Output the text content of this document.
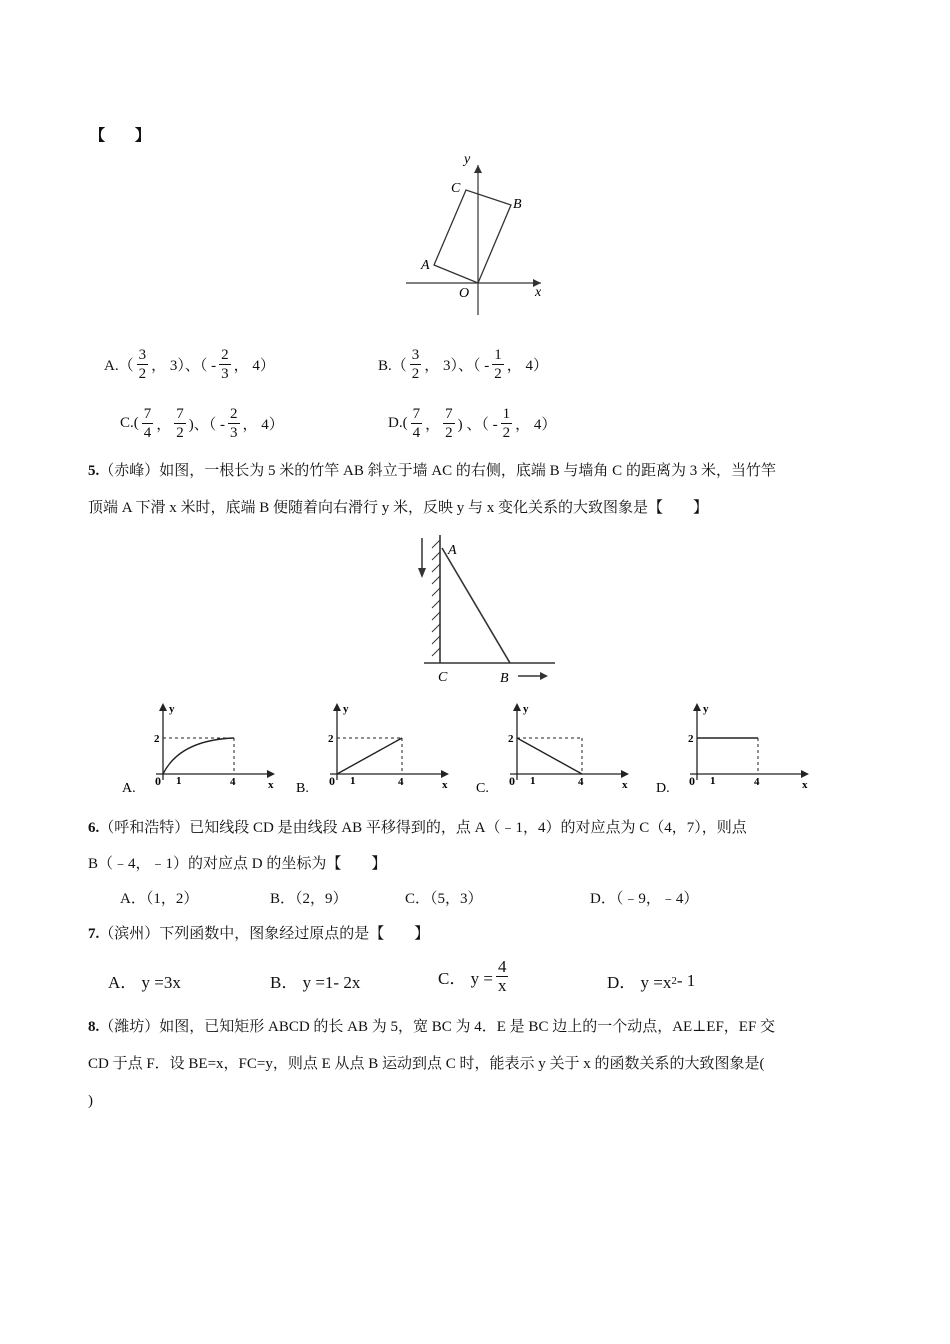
【　　】
y
x
O
A
B
C
$A.( \frac{3}{2}$ ， 3）、（ - $\frac{2}{3}$ ， 4）	$B.( \frac{3}{2}$ ， 3）、（ - $\frac{1}{2}$ ， 4）
$C.( \frac{7}{4}$ ， $\frac{7}{2}$ )、（ - $\frac{2}{3}$ ， 4）	$D.( \frac{7}{4}$ ， $\frac{7}{2}$ ) 、（ - $\frac{1}{2}$ ， 4）
5.（赤峰）如图，一根长为 5 米的竹竿 AB 斜立于墙 AC 的右侧，底端 B 与墙角 C 的距离为 3 米，当竹竿
顶端 A 下滑 x 米时，底端 B 便随着向右滑行 y 米，反映 y 与 x 变化关系的大致图象是【　　】
A
C	B
y
x
2
0 1	4
A.
y
x
2
0 1	4
B.
y
x
2
0 1	4
C.
y
x
2
0 1	4
D.
6.（呼和浩特）已知线段 CD 是由线段 AB 平移得到的，点 A（﹣1，4）的对应点为 C（4，7），则点
B（﹣4，﹣1）的对应点 D 的坐标为【　　】
A．（1，2）	B．（2，9）	C．（5，3）	D．（﹣9，﹣4）
7.（滨州）下列函数中，图象经过原点的是【　　】
A． y =3x	B． y =1- 2x	C． $y = \frac{4}{x}$	D． y =x 2 - 1
8.（潍坊）如图，已知矩形 ABCD 的长 AB 为 5，宽 BC 为 4．E 是 BC 边上的一个动点，AE⊥EF，EF 交
CD 于点 F．设 BE=x，FC=y，则点 E 从点 B 运动到点 C 时，能表示 y 关于 x 的函数关系的大致图象是(
)
